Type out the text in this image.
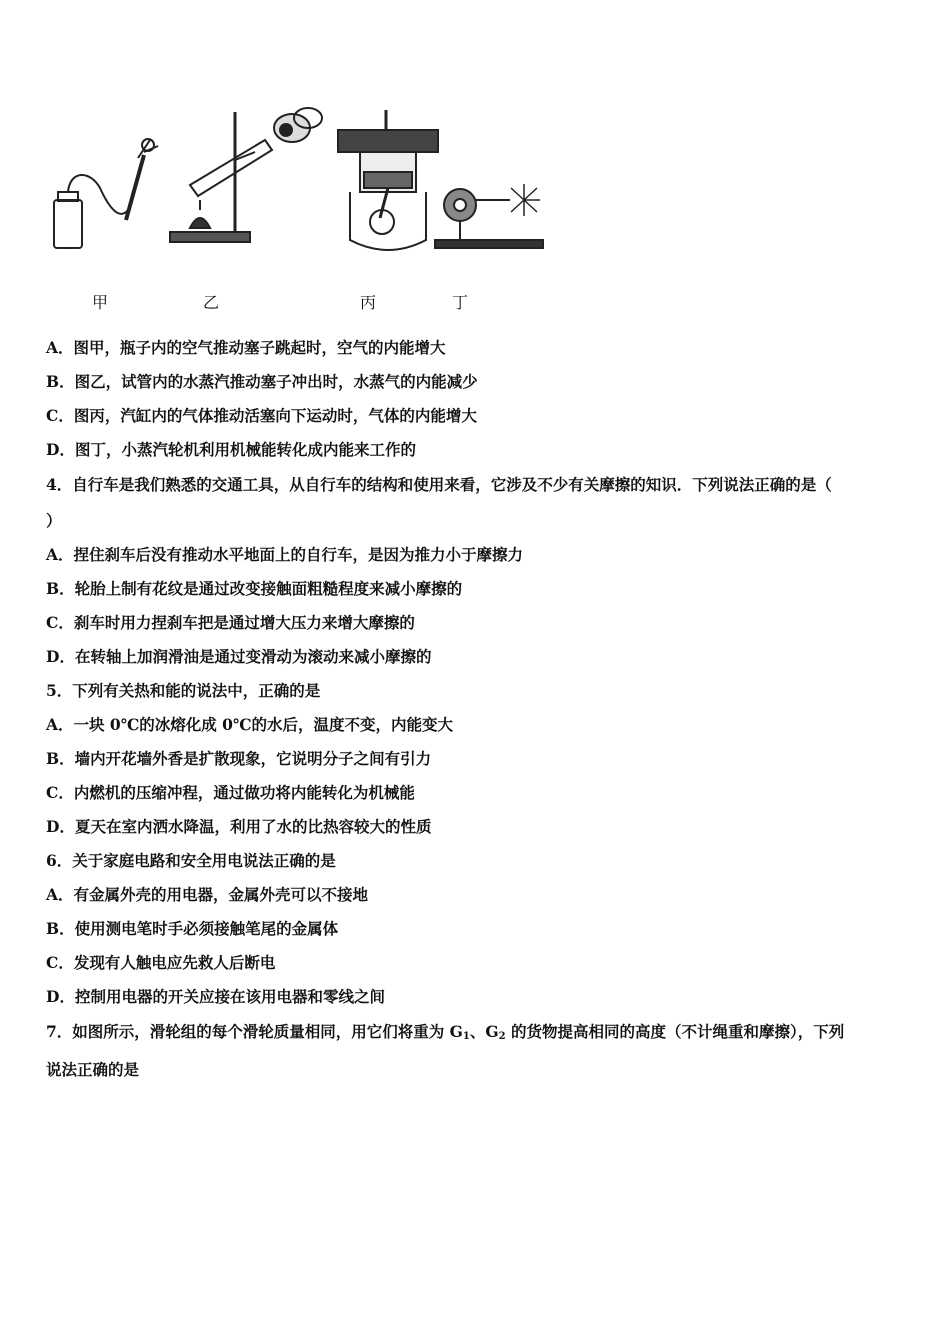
甲	乙	丙	丁
A．图甲，瓶子内的空气推动塞子跳起时，空气的内能增大
B．图乙，试管内的水蒸汽推动塞子冲出时，水蒸气的内能减少
C．图丙，汽缸内的气体推动活塞向下运动时，气体的内能增大
D．图丁，小蒸汽轮机利用机械能转化成内能来工作的
4．自行车是我们熟悉的交通工具，从自行车的结构和使用来看，它涉及不少有关摩擦的知识．下列说法正确的是（
）
A．捏住刹车后没有推动水平地面上的自行车，是因为推力小于摩擦力
B．轮胎上制有花纹是通过改变接触面粗糙程度来减小摩擦的
C．刹车时用力捏刹车把是通过增大压力来增大摩擦的
D．在转轴上加润滑油是通过变滑动为滚动来减小摩擦的
5．下列有关热和能的说法中，正确的是
A．一块 0℃的冰熔化成 0℃的水后，温度不变，内能变大
B．墙内开花墙外香是扩散现象，它说明分子之间有引力
C．内燃机的压缩冲程，通过做功将内能转化为机械能
D．夏天在室内洒水降温，利用了水的比热容较大的性质
6．关于家庭电路和安全用电说法正确的是
A．有金属外壳的用电器，金属外壳可以不接地
B．使用测电笔时手必须接触笔尾的金属体
C．发现有人触电应先救人后断电
D．控制用电器的开关应接在该用电器和零线之间
7．如图所示，滑轮组的每个滑轮质量相同，用它们将重为 $G_1$、$G_2$ 的货物提高相同的高度（不计绳重和摩擦），下列
说法正确的是
